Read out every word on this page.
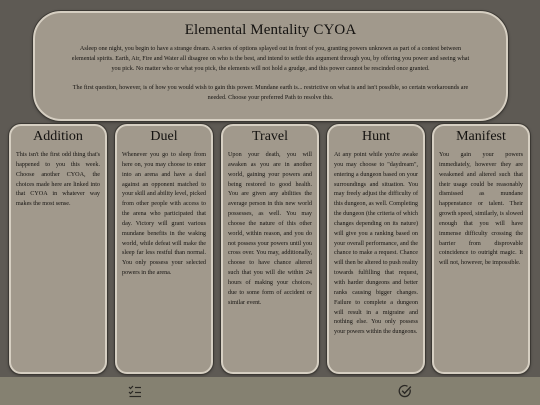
Elemental Mentality CYOA

Asleep one night, you begin to have a strange dream. A series of options splayed out in front of you, granting powers unknown as part of a contest between elemental spirits. Earth, Air, Fire and Water all disagree on who is the best, and intend to settle this argument through you, by offering you power and seeing what you pick. No matter who or what you pick, the elements will not hold a grudge, and this power cannot be rescinded once granted.

The first question, however, is of how you would wish to gain this power. Mundane earth is... restrictive on what is and isn't possible, so certain workarounds are needed. Choose your preferred Path to resolve this.

Addition

This isn't the first odd thing that's happened to you this week. Choose another CYOA, the choices made here are linked into that CYOA in whatever way makes the most sense.

Duel

Whenever you go to sleep from here on, you may choose to enter into an arena and have a duel against an opponent matched to your skill and ability level, picked from other people with access to the arena who participated that day. Victory will grant various mundane benefits in the waking world, while defeat will make the sleep far less restful than normal. You only possess your selected powers in the arena.

Travel

Upon your death, you will awaken as you are in another world, gaining your powers and being restored to good health. You are given any abilities the average person in this new world possesses, as well. You may choose the nature of this other world, within reason, and you do not possess your powers until you cross over. You may, additionally, choose to have chance altered such that you will die within 24 hours of making your choices, due to some form of accident or similar event.

Hunt

At any point while you're awake you may choose to "daydream", entering a dungeon based on your surroundings and situation. You may freely adjust the difficulty of this dungeon, as well. Completing the dungeon (the criteria of which changes depending on its nature) will give you a ranking based on your overall performance, and the chance to make a request. Chance will then be altered to push reality towards fulfilling that request, with harder dungeons and better ranks causing bigger changes. Failure to complete a dungeon will result in a migraine and nothing else. You only possess your powers within the dungeons.

Manifest

You gain your powers immediately, however they are weakened and altered such that their usage could be reasonably dismissed as mundane happenstance or talent. Their growth speed, similarly, is slowed enough that you will have immense difficulty crossing the barrier from disprovable coincidence to outright magic. It will not, however, be impossible.
